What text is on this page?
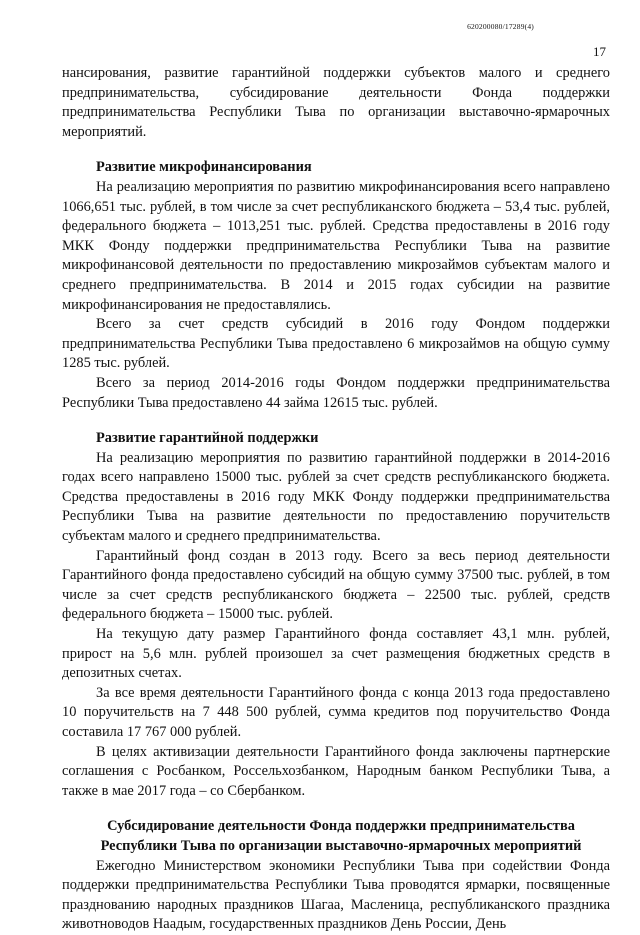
620200080/17289(4)
17

нансирования, развитие гарантийной поддержки субъектов малого и среднего предпринимательства, субсидирование деятельности Фонда поддержки предпринимательства Республики Тыва по организации выставочно-ярмарочных мероприятий.

Развитие микрофинансирования

На реализацию мероприятия по развитию микрофинансирования всего направлено 1066,651 тыс. рублей, в том числе за счет республиканского бюджета – 53,4 тыс. рублей, федерального бюджета – 1013,251 тыс. рублей. Средства предоставлены в 2016 году МКК Фонду поддержки предпринимательства Республики Тыва на развитие микрофинансовой деятельности по предоставлению микрозаймов субъектам малого и среднего предпринимательства. В 2014 и 2015 годах субсидии на развитие микрофинансирования не предоставлялись.

Всего за счет средств субсидий в 2016 году Фондом поддержки предпринимательства Республики Тыва предоставлено 6 микрозаймов на общую сумму 1285 тыс. рублей.

Всего за период 2014-2016 годы Фондом поддержки предпринимательства Республики Тыва предоставлено 44 займа 12615 тыс. рублей.

Развитие гарантийной поддержки

На реализацию мероприятия по развитию гарантийной поддержки в 2014-2016 годах всего направлено 15000 тыс. рублей за счет средств республиканского бюджета. Средства предоставлены в 2016 году МКК Фонду поддержки предпринимательства Республики Тыва на развитие деятельности по предоставлению поручительств субъектам малого и среднего предпринимательства.

Гарантийный фонд создан в 2013 году. Всего за весь период деятельности Гарантийного фонда предоставлено субсидий на общую сумму 37500 тыс. рублей, в том числе за счет средств республиканского бюджета – 22500 тыс. рублей, средств федерального бюджета – 15000 тыс. рублей.

На текущую дату размер Гарантийного фонда составляет 43,1 млн. рублей, прирост на 5,6 млн. рублей произошел за счет размещения бюджетных средств в депозитных счетах.

За все время деятельности Гарантийного фонда с конца 2013 года предоставлено 10 поручительств на 7 448 500 рублей, сумма кредитов под поручительство Фонда составила 17 767 000 рублей.

В целях активизации деятельности Гарантийного фонда заключены партнерские соглашения с Росбанком, Россельхозбанком, Народным банком Республики Тыва, а также в мае 2017 года – со Сбербанком.

Субсидирование деятельности Фонда поддержки предпринимательства
Республики Тыва по организации выставочно-ярмарочных мероприятий

Ежегодно Министерством экономики Республики Тыва при содействии Фонда поддержки предпринимательства Республики Тыва проводятся ярмарки, посвященные празднованию народных праздников Шагаа, Масленица, республиканского праздника животноводов Наадым, государственных праздников День России, День
